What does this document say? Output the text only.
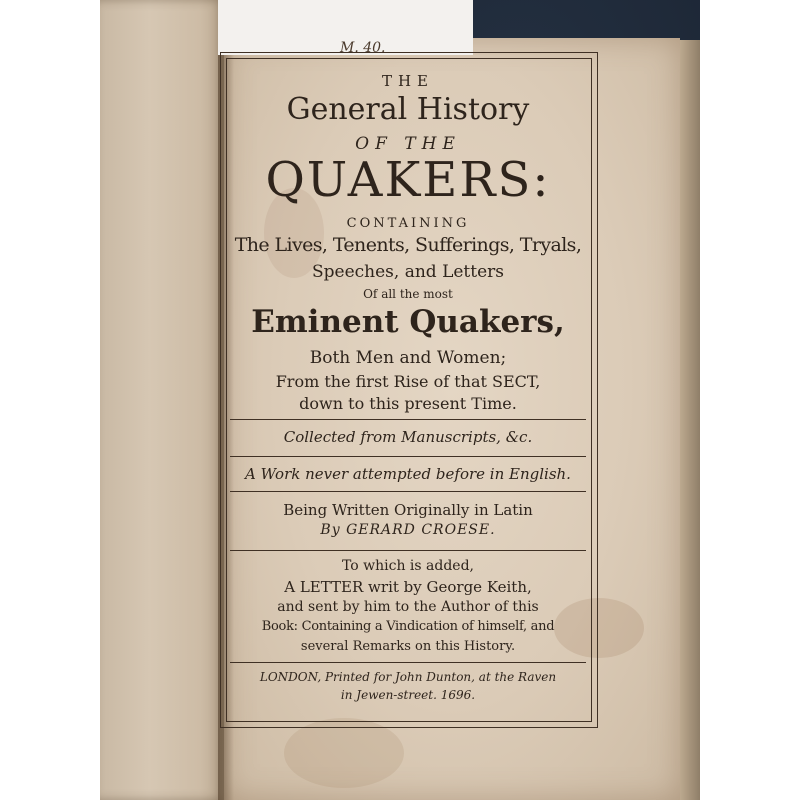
M. 40.
THE
General History
OF THE
QUAKERS:
CONTAINING
The Lives, Tenents, Sufferings, Tryals,
Speeches, and Letters
Of all the most
Eminent Quakers,
Both Men and Women;
From the first Rise of that SECT,
down to this present Time.
Collected from Manuscripts, &c.
A Work never attempted before in English.
Being Written Originally in Latin
By GERARD CROESE.
To which is added,
A LETTER writ by George Keith,
and sent by him to the Author of this
Book: Containing a Vindication of himself, and
several Remarks on this History.
LONDON, Printed for John Dunton, at the Raven
in Jewen-street. 1696.
